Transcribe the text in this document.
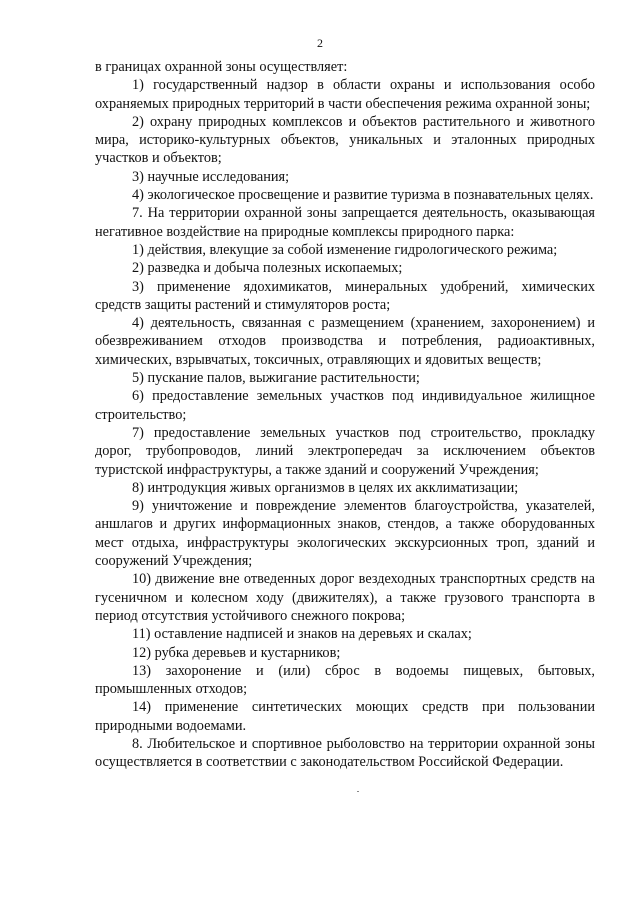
2

в границах охранной зоны осуществляет:

1) государственный надзор в области охраны и использования особо охраняемых природных территорий в части обеспечения режима охранной зоны;

2) охрану природных комплексов и объектов растительного и животного мира, историко-культурных объектов, уникальных и эталонных природных участков и объектов;

3) научные исследования;

4) экологическое просвещение и развитие туризма в познавательных целях.

7. На территории охранной зоны запрещается деятельность, оказывающая негативное воздействие на природные комплексы природного парка:

1) действия, влекущие за собой изменение гидрологического режима;

2) разведка и добыча полезных ископаемых;

3) применение ядохимикатов, минеральных удобрений, химических средств защиты растений и стимуляторов роста;

4) деятельность, связанная с размещением (хранением, захоронением) и обезвреживанием отходов производства и потребления, радиоактивных, химических, взрывчатых, токсичных, отравляющих и ядовитых веществ;

5) пускание палов, выжигание растительности;

6) предоставление земельных участков под индивидуальное жилищное строительство;

7) предоставление земельных участков под строительство, прокладку дорог, трубопроводов, линий электропередач за исключением объектов туристской инфраструктуры, а также зданий и сооружений Учреждения;

8) интродукция живых организмов в целях их акклиматизации;

9) уничтожение и повреждение элементов благоустройства, указателей, аншлагов и других информационных знаков, стендов, а также оборудованных мест отдыха, инфраструктуры экологических экскурсионных троп, зданий и сооружений Учреждения;

10) движение вне отведенных дорог вездеходных транспортных средств на гусеничном и колесном ходу (движителях), а также грузового транспорта в период отсутствия устойчивого снежного покрова;

11) оставление надписей и знаков на деревьях и скалах;

12) рубка деревьев и кустарников;

13) захоронение и (или) сброс в водоемы пищевых, бытовых, промышленных отходов;

14) применение синтетических моющих средств при пользовании природными водоемами.

8. Любительское и спортивное рыболовство на территории охранной зоны осуществляется в соответствии с законодательством Российской Федерации.
